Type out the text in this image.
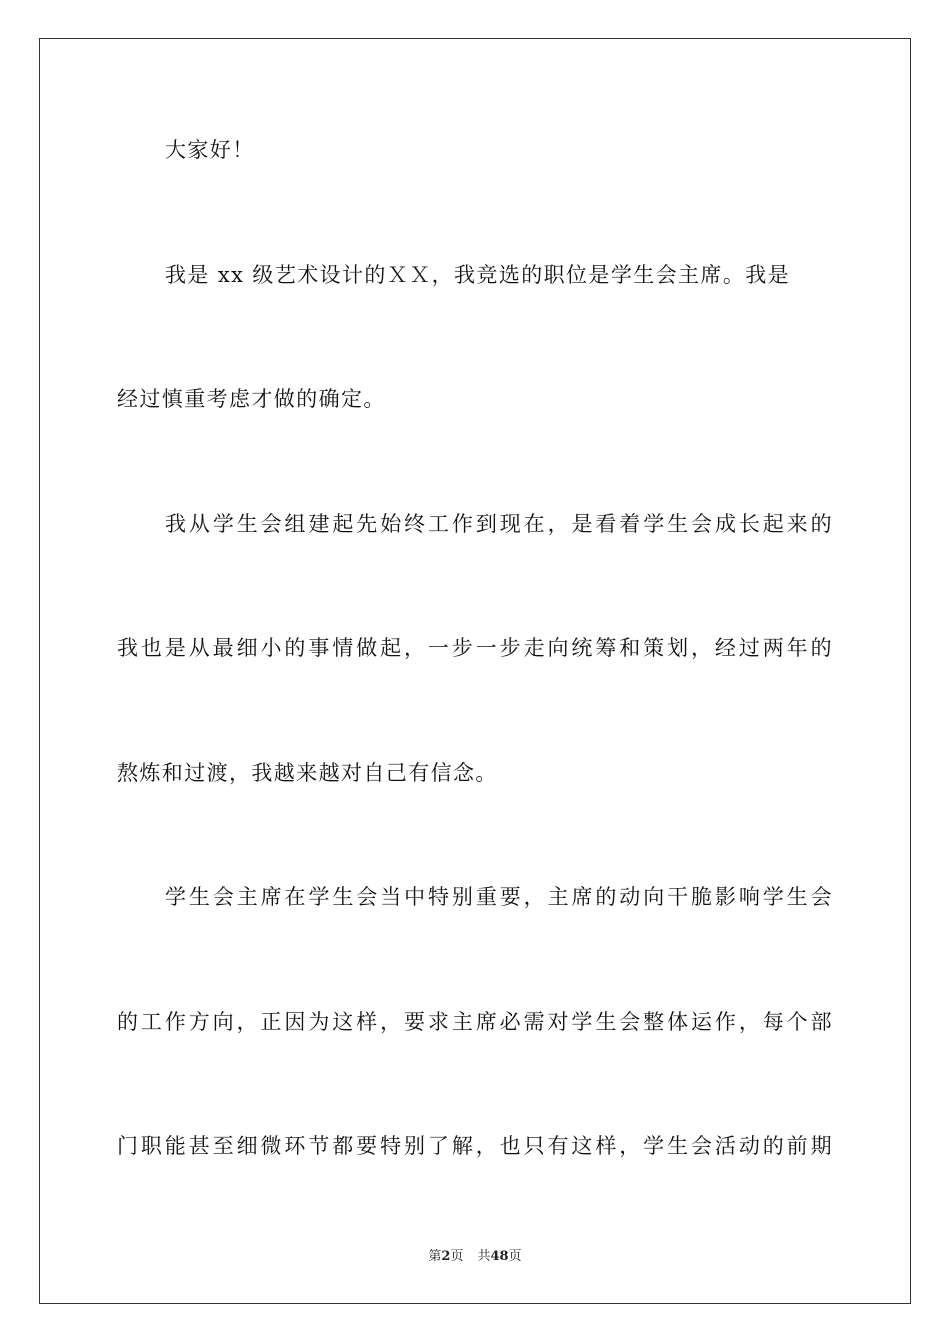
大家好！
我是 xx 级艺术设计的ＸＸ，我竞选的职位是学生会主席。我是
经过慎重考虑才做的确定。
我从学生会组建起先始终工作到现在，是看着学生会成长起来的
我也是从最细小的事情做起，一步一步走向统筹和策划，经过两年的
熬炼和过渡，我越来越对自己有信念。
学生会主席在学生会当中特别重要，主席的动向干脆影响学生会
的工作方向，正因为这样，要求主席必需对学生会整体运作，每个部
门职能甚至细微环节都要特别了解，也只有这样，学生会活动的前期
第2页 共48页
